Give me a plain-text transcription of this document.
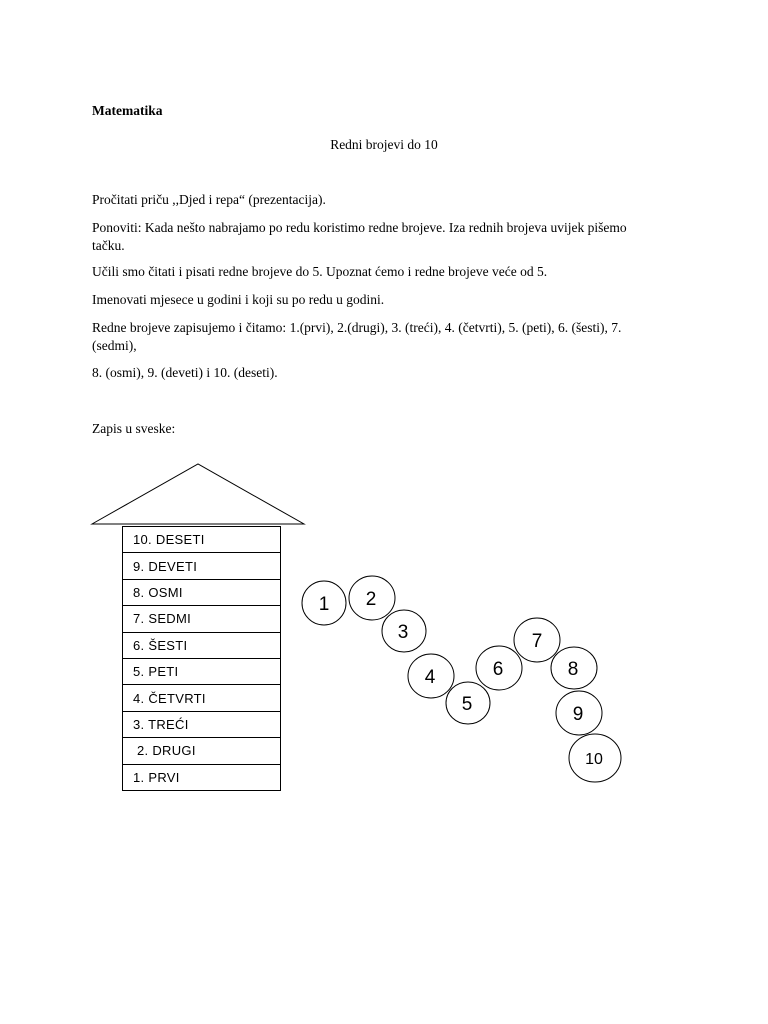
Matematika

Redni brojevi do 10

Pročitati priču ,,Djed i repa“ (prezentacija).

Ponoviti: Kada nešto nabrajamo po redu koristimo redne brojeve. Iza rednih brojeva uvijek pišemo tačku.

Učili smo čitati i pisati redne brojeve do 5. Upoznat ćemo i redne brojeve veće od 5.

Imenovati mjesece u godini i koji su po redu u godini.

Redne brojeve zapisujemo i čitamo: 1.(prvi), 2.(drugi), 3. (treći), 4. (četvrti), 5. (peti), 6. (šesti), 7. (sedmi),

8. (osmi), 9. (deveti) i 10. (deseti).

Zapis u sveske:

10. DESETI
9. DEVETI
8. OSMI
7. SEDMI
6. ŠESTI
5. PETI
4. ČETVRTI
3. TREĆI
2. DRUGI
1. PRVI
1 2
3
4
5
6
7
8
9
10
